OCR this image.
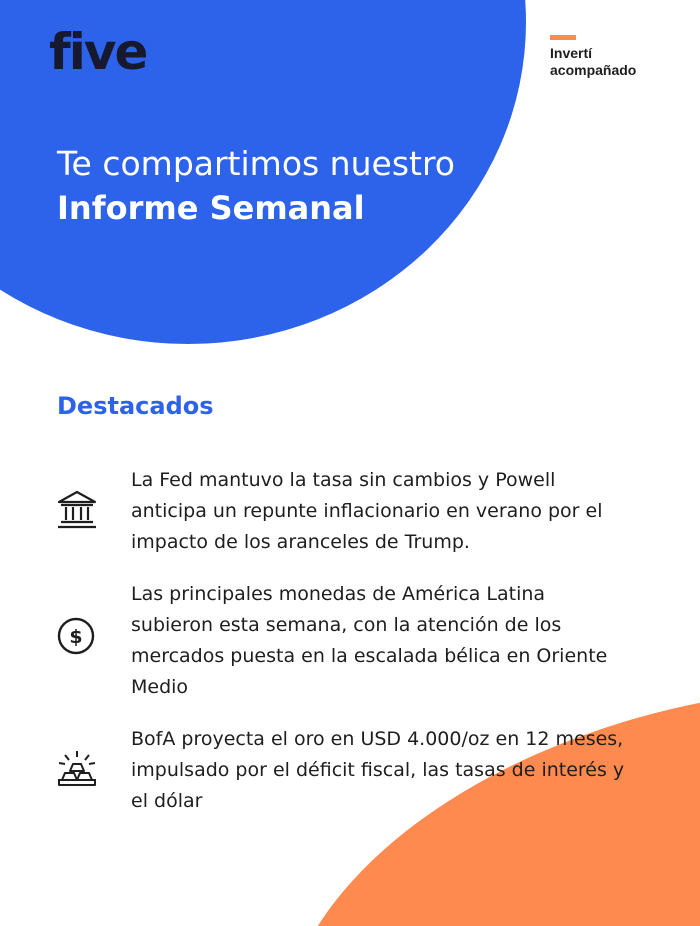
five	Invertí
acompañado
Te compartimos nuestro
Informe Semanal
Destacados
La Fed mantuvo la tasa sin cambios y Powell anticipa un repunte inflacionario en verano por el impacto de los aranceles de Trump.
$
Las principales monedas de América Latina subieron esta semana, con la atención de los mercados puesta en la escalada bélica en Oriente Medio
BofA proyecta el oro en USD 4.000/oz en 12 meses, impulsado por el déficit fiscal, las tasas de interés y el dólar
